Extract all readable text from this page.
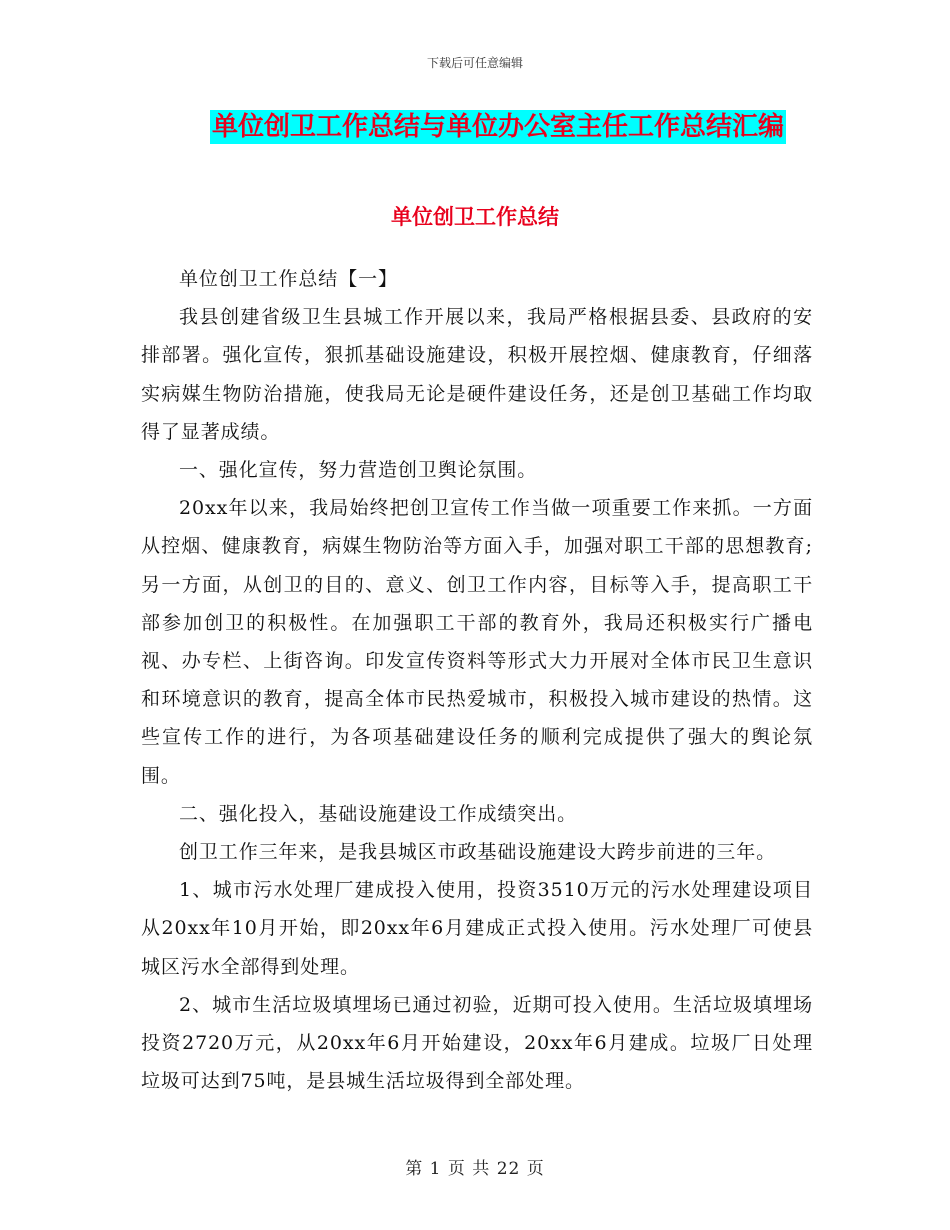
下载后可任意编辑
单位创卫工作总结与单位办公室主任工作总结汇编
单位创卫工作总结

单位创卫工作总结【一】

我县创建省级卫生县城工作开展以来，我局严格根据县委、县政府的安排部署。强化宣传，狠抓基础设施建设，积极开展控烟、健康教育，仔细落实病媒生物防治措施，使我局无论是硬件建设任务，还是创卫基础工作均取得了显著成绩。

一、强化宣传，努力营造创卫舆论氛围。

20xx年以来，我局始终把创卫宣传工作当做一项重要工作来抓。一方面从控烟、健康教育，病媒生物防治等方面入手，加强对职工干部的思想教育;另一方面，从创卫的目的、意义、创卫工作内容，目标等入手，提高职工干部参加创卫的积极性。在加强职工干部的教育外，我局还积极实行广播电视、办专栏、上街咨询。印发宣传资料等形式大力开展对全体市民卫生意识和环境意识的教育，提高全体市民热爱城市，积极投入城市建设的热情。这些宣传工作的进行，为各项基础建设任务的顺利完成提供了强大的舆论氛围。

二、强化投入，基础设施建设工作成绩突出。

创卫工作三年来，是我县城区市政基础设施建设大跨步前进的三年。

1、城市污水处理厂建成投入使用，投资3510万元的污水处理建设项目从20xx年10月开始，即20xx年6月建成正式投入使用。污水处理厂可使县城区污水全部得到处理。

2、城市生活垃圾填埋场已通过初验，近期可投入使用。生活垃圾填埋场投资2720万元，从20xx年6月开始建设，20xx年6月建成。垃圾厂日处理垃圾可达到75吨，是县城生活垃圾得到全部处理。

第 1 页 共 22 页
